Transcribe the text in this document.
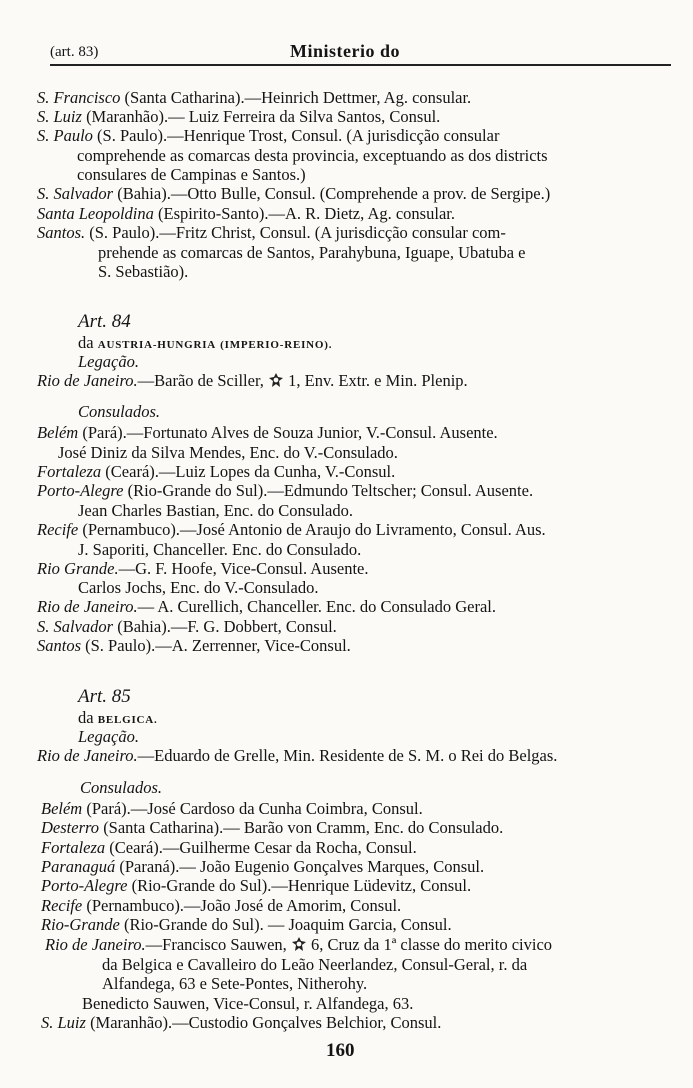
(art. 83)	Ministerio do
S. Francisco (Santa Catharina).—Heinrich Dettmer, Ag. consular.
S. Luiz (Maranhão).— Luiz Ferreira da Silva Santos, Consul.
S. Paulo (S. Paulo).—Henrique Trost, Consul. (A jurisdicção consular
comprehende as comarcas desta provincia, exceptuando as dos districts
consulares de Campinas e Santos.)
S. Salvador (Bahia).—Otto Bulle, Consul. (Comprehende a prov. de Sergipe.)
Santa Leopoldina (Espirito-Santo).—A. R. Dietz, Ag. consular.
Santos. (S. Paulo).—Fritz Christ, Consul. (A jurisdicção consular com-
prehende as comarcas de Santos, Parahybuna, Iguape, Ubatuba e
S. Sebastião).
Art. 84
da AUSTRIA-HUNGRIA (IMPERIO-REINO).
Legação.
Rio de Janeiro.—Barão de Sciller,  1, Env. Extr. e Min. Plenip.
Consulados.
Belém (Pará).—Fortunato Alves de Souza Junior, V.-Consul. Ausente.
José Diniz da Silva Mendes, Enc. do V.-Consulado.
Fortaleza (Ceará).—Luiz Lopes da Cunha, V.-Consul.
Porto-Alegre (Rio-Grande do Sul).—Edmundo Teltscher; Consul. Ausente.
Jean Charles Bastian, Enc. do Consulado.
Recife (Pernambuco).—José Antonio de Araujo do Livramento, Consul. Aus.
J. Saporiti, Chanceller. Enc. do Consulado.
Rio Grande.—G. F. Hoofe, Vice-Consul. Ausente.
Carlos Jochs, Enc. do V.-Consulado.
Rio de Janeiro.— A. Curellich, Chanceller. Enc. do Consulado Geral.
S. Salvador (Bahia).—F. G. Dobbert, Consul.
Santos (S. Paulo).—A. Zerrenner, Vice-Consul.
Art. 85
da BELGICA.
Legação.
Rio de Janeiro.—Eduardo de Grelle, Min. Residente de S. M. o Rei do Belgas.
Consulados.
Belém (Pará).—José Cardoso da Cunha Coimbra, Consul.
Desterro (Santa Catharina).— Barão von Cramm, Enc. do Consulado.
Fortaleza (Ceará).—Guilherme Cesar da Rocha, Consul.
Paranaguá (Paraná).— João Eugenio Gonçalves Marques, Consul.
Porto-Alegre (Rio-Grande do Sul).—Henrique Lüdevitz, Consul.
Recife (Pernambuco).—João José de Amorim, Consul.
Rio-Grande (Rio-Grande do Sul). — Joaquim Garcia, Consul.
Rio de Janeiro.—Francisco Sauwen,  6, Cruz da 1ª classe do merito civico
da Belgica e Cavalleiro do Leão Neerlandez, Consul-Geral, r. da
Alfandega, 63 e Sete-Pontes, Nitherohy.
Benedicto Sauwen, Vice-Consul, r. Alfandega, 63.
S. Luiz (Maranhão).—Custodio Gonçalves Belchior, Consul.
160
